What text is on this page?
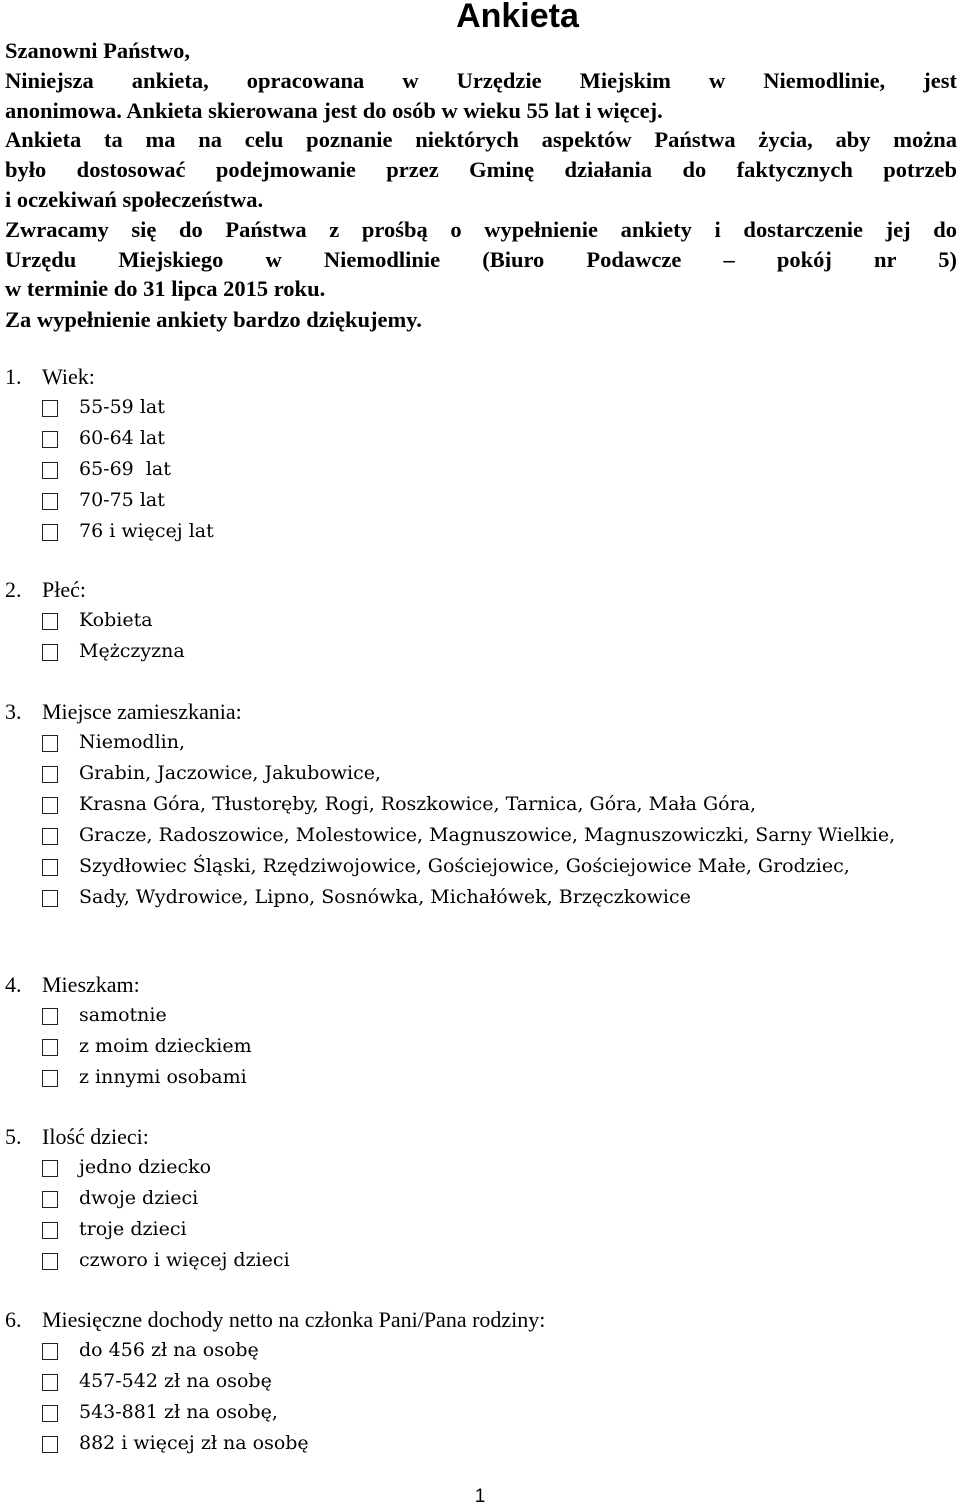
Ankieta
Szanowni Państwo,
Niniejsza ankieta, opracowana w Urzędzie Miejskim w Niemodlinie, jest
anonimowa. Ankieta skierowana jest do osób w wieku 55 lat i więcej.
Ankieta ta ma na celu poznanie niektórych aspektów Państwa życia, aby można
było dostosować podejmowanie przez Gminę działania do faktycznych potrzeb
i oczekiwań społeczeństwa.
Zwracamy się do Państwa z prośbą o wypełnienie ankiety i dostarczenie jej do
Urzędu Miejskiego w Niemodlinie (Biuro Podawcze – pokój nr 5)
w terminie do 31 lipca 2015 roku.
Za wypełnienie ankiety bardzo dziękujemy.
1. Wiek:
55-59 lat
60-64 lat
65-69  lat
70-75 lat
76 i więcej lat
2. Płeć:
Kobieta
Mężczyzna
3. Miejsce zamieszkania:
Niemodlin,
Grabin, Jaczowice, Jakubowice,
Krasna Góra, Tłustoręby, Rogi, Roszkowice, Tarnica, Góra, Mała Góra,
Gracze, Radoszowice, Molestowice, Magnuszowice, Magnuszowiczki, Sarny Wielkie,
Szydłowiec Śląski, Rzędziwojowice, Gościejowice, Gościejowice Małe, Grodziec,
Sady, Wydrowice, Lipno, Sosnówka, Michałówek, Brzęczkowice
4. Mieszkam:
samotnie
z moim dzieckiem
z innymi osobami
5. Ilość dzieci:
jedno dziecko
dwoje dzieci
troje dzieci
czworo i więcej dzieci
6. Miesięczne dochody netto na członka Pani/Pana rodziny:
do 456 zł na osobę
457-542 zł na osobę
543-881 zł na osobę,
882 i więcej zł na osobę
1
